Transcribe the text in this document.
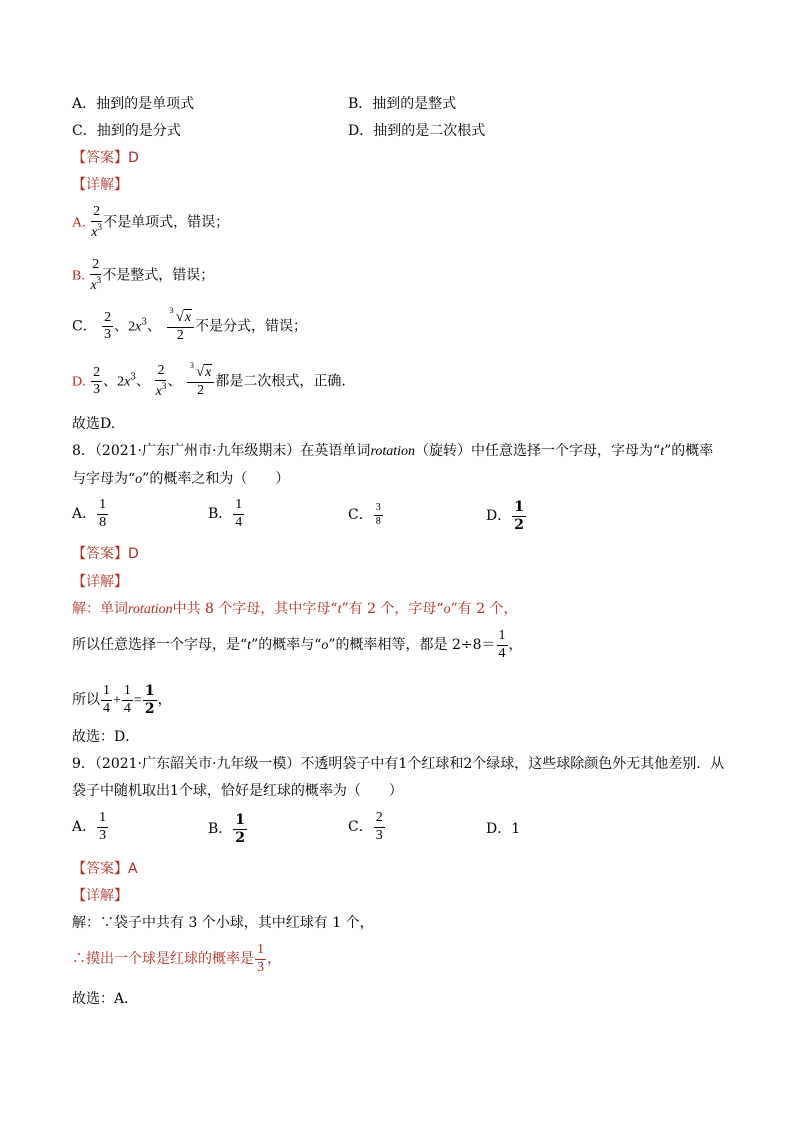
A．抽到的是单项式	B．抽到的是整式
C．抽到的是分式	D．抽到的是二次根式
【答案】D
【详解】
A. $\frac{2}{x^3}$ 不是单项式，错误；
B. $\frac{2}{x^3}$ 不是整式，错误；
C． $\frac{2}{3}$ 、$2x^3$、 $\frac{3 √x}{2}$ 不是分式，错误；
D. $\frac{2}{3}$ 、$2x^3$、 $\frac{2}{x^3}$ 、 $\frac{3 √x}{2}$ 都是二次根式，正确.
故选D.
8．（2021·广东广州市·九年级期末）在英语单词rotation（旋转）中任意选择一个字母，字母为“t”的概率
与字母为“o”的概率之和为（　　）
A． $\frac{1}{8}$	B． $\frac{1}{4}$	C． $\frac{3}{8}$	D． $\frac{1}{2}$
【答案】D
【详解】
解：单词rotation中共 8 个字母，其中字母“t”有 2 个，字母“o”有 2 个，
所以任意选择一个字母，是“t”的概率与“o”的概率相等，都是 $2\div 8= \frac{1}{4}$ ，
所以 $\frac{1}{4} + \frac{1}{4} = \frac{1}{2}$ ，
故选：D．
9．（2021·广东韶关市·九年级一模）不透明袋子中有1个红球和2个绿球，这些球除颜色外无其他差别．从
袋子中随机取出1个球，恰好是红球的概率为（　　）
A． $\frac{1}{3}$	B． $\frac{1}{2}$	C． $\frac{2}{3}$	D．1
【答案】A
【详解】
解：∵袋子中共有 3 个小球，其中红球有 1 个，
∴摸出一个球是红球的概率是 $\frac{1}{3}$ ，
故选：A．
